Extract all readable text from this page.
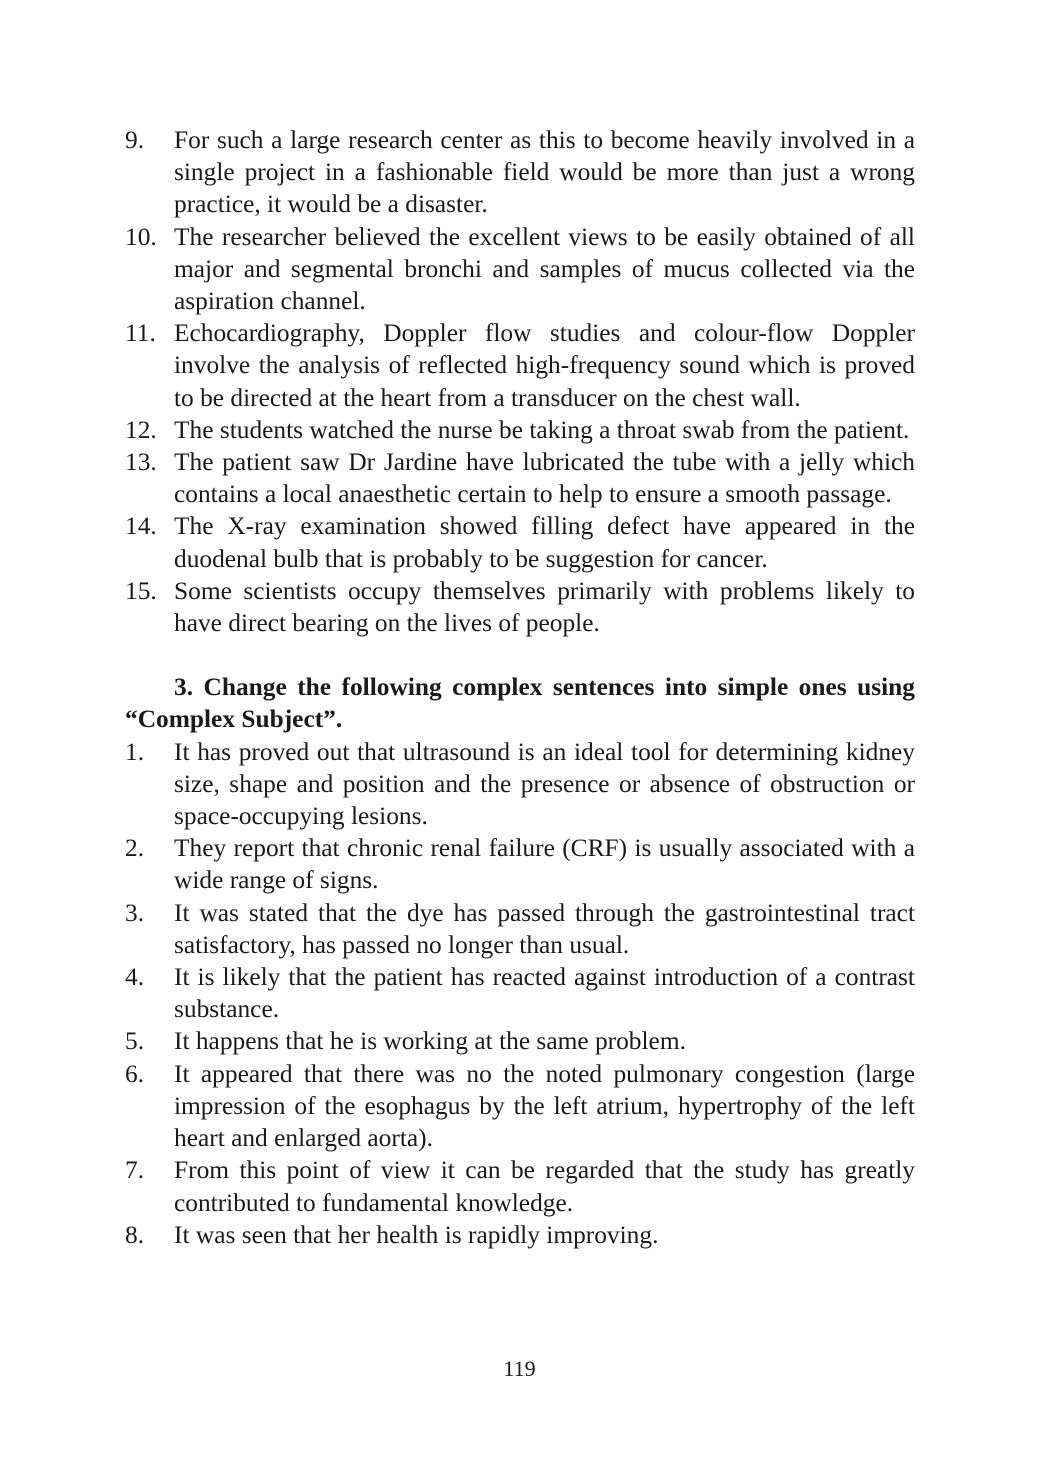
9. For such a large research center as this to become heavily involved in a single project in a fashionable field would be more than just a wrong practice, it would be a disaster.
10. The researcher believed the excellent views to be easily obtained of all major and segmental bronchi and samples of mucus collected via the aspiration channel.
11. Echocardiography, Doppler flow studies and colour-flow Doppler involve the analysis of reflected high-frequency sound which is proved to be directed at the heart from a transducer on the chest wall.
12. The students watched the nurse be taking a throat swab from the patient.
13. The patient saw Dr Jardine have lubricated the tube with a jelly which contains a local anaesthetic certain to help to ensure a smooth passage.
14. The X-ray examination showed filling defect have appeared in the duodenal bulb that is probably to be suggestion for cancer.
15. Some scientists occupy themselves primarily with problems likely to have direct bearing on the lives of people.
3. Change the following complex sentences into simple ones using “Complex Subject”.
1. It has proved out that ultrasound is an ideal tool for determining kidney size, shape and position and the presence or absence of obstruction or space-occupying lesions.
2. They report that chronic renal failure (CRF) is usually associated with a wide range of signs.
3. It was stated that the dye has passed through the gastrointestinal tract satisfactory, has passed no longer than usual.
4. It is likely that the patient has reacted against introduction of a contrast substance.
5. It happens that he is working at the same problem.
6. It appeared that there was no the noted pulmonary congestion (large impression of the esophagus by the left atrium, hypertrophy of the left heart and enlarged aorta).
7. From this point of view it can be regarded that the study has greatly contributed to fundamental knowledge.
8. It was seen that her health is rapidly improving.
119
